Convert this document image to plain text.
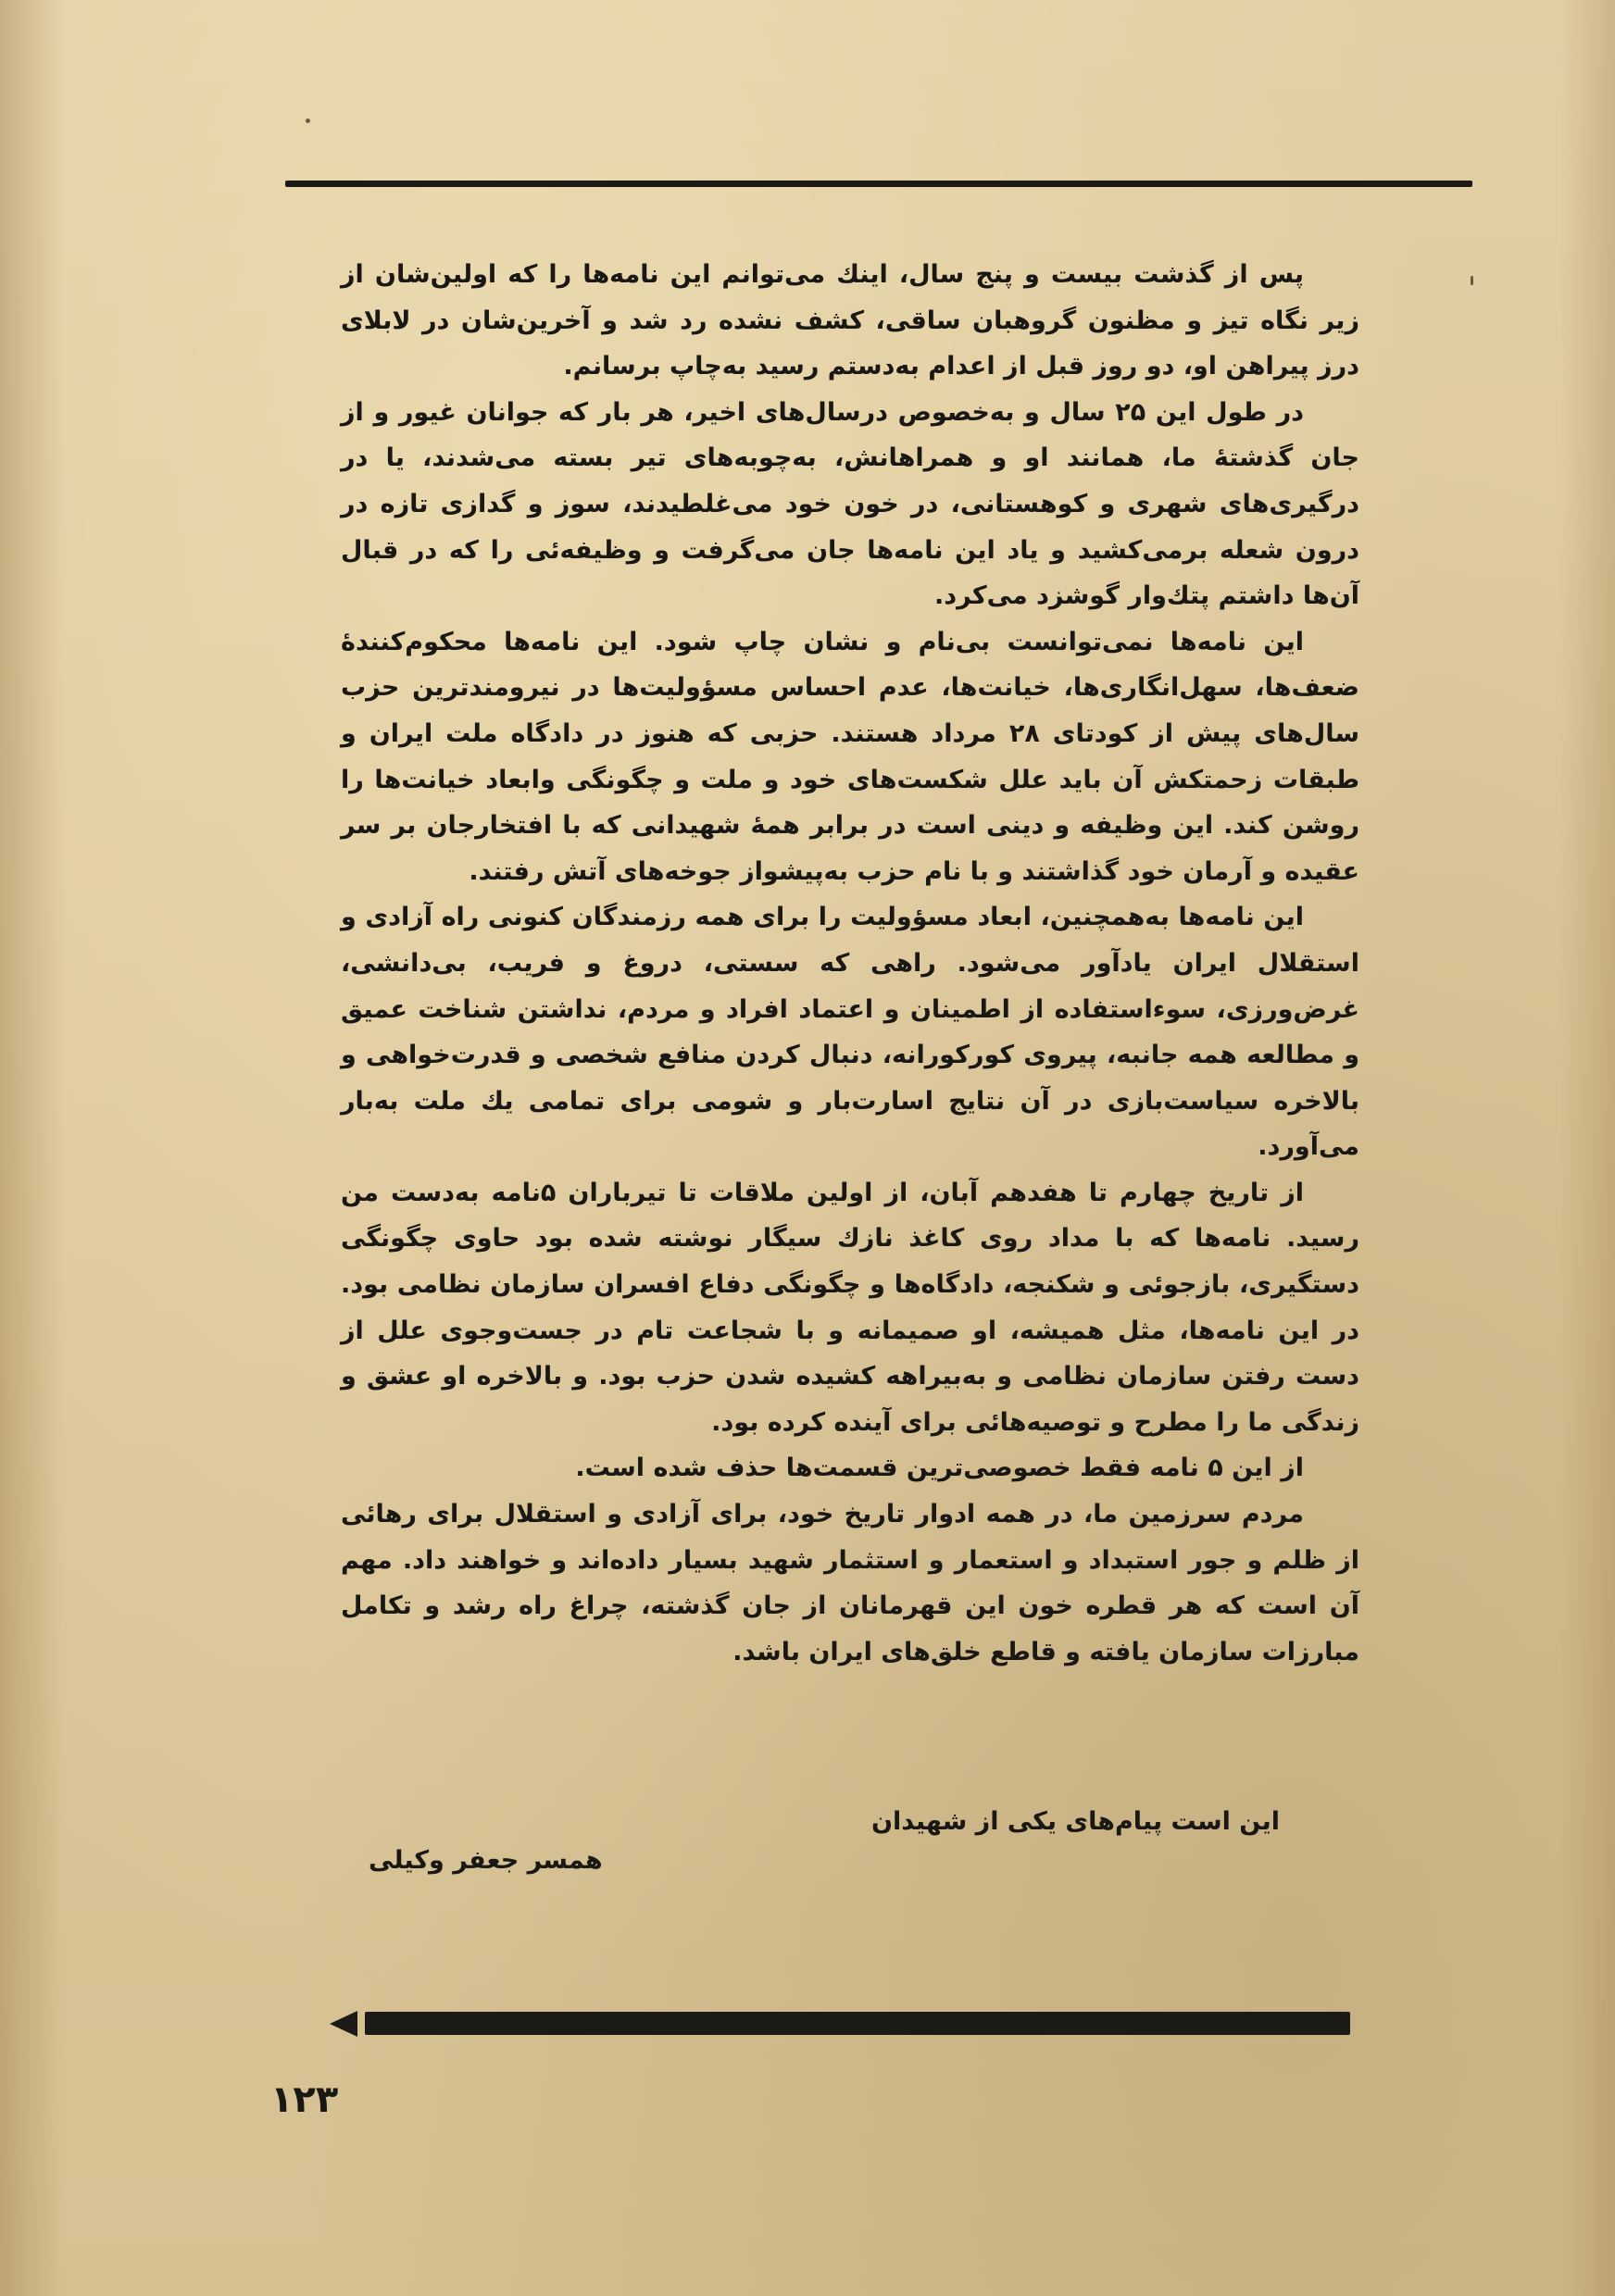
پس از گذشت بیست و پنج سال، اینك می‌توانم این نامه‌ها را که اولین‌شان از زیر نگاه تیز و مظنون گروهبان ساقی، کشف نشده رد شد و آخرین‌شان در لابلای درز پیراهن او، دو روز قبل از اعدام به‌دستم رسید به‌چاپ برسانم.

در طول این ۲۵ سال و به‌خصوص درسال‌های اخیر، هر بار که جوانان غیور و از جان گذشتهٔ ما، همانند او و همراهانش، به‌چوبه‌های تیر بسته می‌شدند، یا در درگیری‌های شهری و کوهستانی، در خون خود می‌غلطیدند، سوز و گدازی تازه در درون شعله برمی‌کشید و یاد این نامه‌ها جان می‌گرفت و وظیفه‌ئی را که در قبال آن‌ها داشتم پتك‌وار گوشزد می‌کرد.

این نامه‌ها نمی‌توانست بی‌نام و نشان چاپ شود. این نامه‌ها محکوم‌کنندهٔ ضعف‌ها، سهل‌انگاری‌ها، خیانت‌ها، عدم احساس مسؤولیت‌ها در نیرومندترین حزب سال‌های پیش از کودتای ۲۸ مرداد هستند. حزبی که هنوز در دادگاه ملت ایران و طبقات زحمتکش آن باید علل شکست‌های خود و ملت و چگونگی وابعاد خیانت‌ها را روشن کند. این وظیفه و دینی است در برابر همهٔ شهیدانی که با افتخارجان بر سر عقیده و آرمان خود گذاشتند و با نام حزب به‌پیشواز جوخه‌های آتش رفتند.

این نامه‌ها به‌همچنین، ابعاد مسؤولیت را برای همه رزمندگان کنونی راه آزادی و استقلال ایران یادآور می‌شود. راهی که سستی، دروغ و فریب، بی‌دانشی، غرض‌ورزی، سوءاستفاده از اطمینان و اعتماد افراد و مردم، نداشتن شناخت عمیق و مطالعه همه جانبه، پیروی کورکورانه، دنبال کردن منافع شخصی و قدرت‌خواهی و بالاخره سیاست‌بازی در آن نتایج اسارت‌بار و شومی برای تمامی یك ملت به‌بار می‌آورد.

از تاریخ چهارم تا هفدهم آبان، از اولین ملاقات تا تیرباران ۵نامه به‌دست من رسید. نامه‌ها که با مداد روی کاغذ نازك سیگار نوشته شده بود حاوی چگونگی دستگیری، بازجوئی و شکنجه، دادگاه‌ها و چگونگی دفاع افسران سازمان نظامی بود. در این نامه‌ها، مثل همیشه، او صمیمانه و با شجاعت تام در جست‌وجوی علل از دست رفتن سازمان نظامی و به‌بیراهه کشیده شدن حزب بود. و بالاخره او عشق و زندگی ما را مطرح و توصیه‌هائی برای آینده کرده بود.

از این ۵ نامه فقط خصوصی‌ترین قسمت‌ها حذف شده است.

مردم سرزمین ما، در همه ادوار تاریخ خود، برای آزادی و استقلال برای رهائی از ظلم و جور استبداد و استعمار و استثمار شهید بسیار داده‌اند و خواهند داد. مهم آن است که هر قطره خون این قهرمانان از جان گذشته، چراغ راه رشد و تکامل مبارزات سازمان یافته و قاطع خلق‌های ایران باشد.

این است پیام‌های یکی از شهیدان
همسر جعفر وکیلی
۱۲۳
